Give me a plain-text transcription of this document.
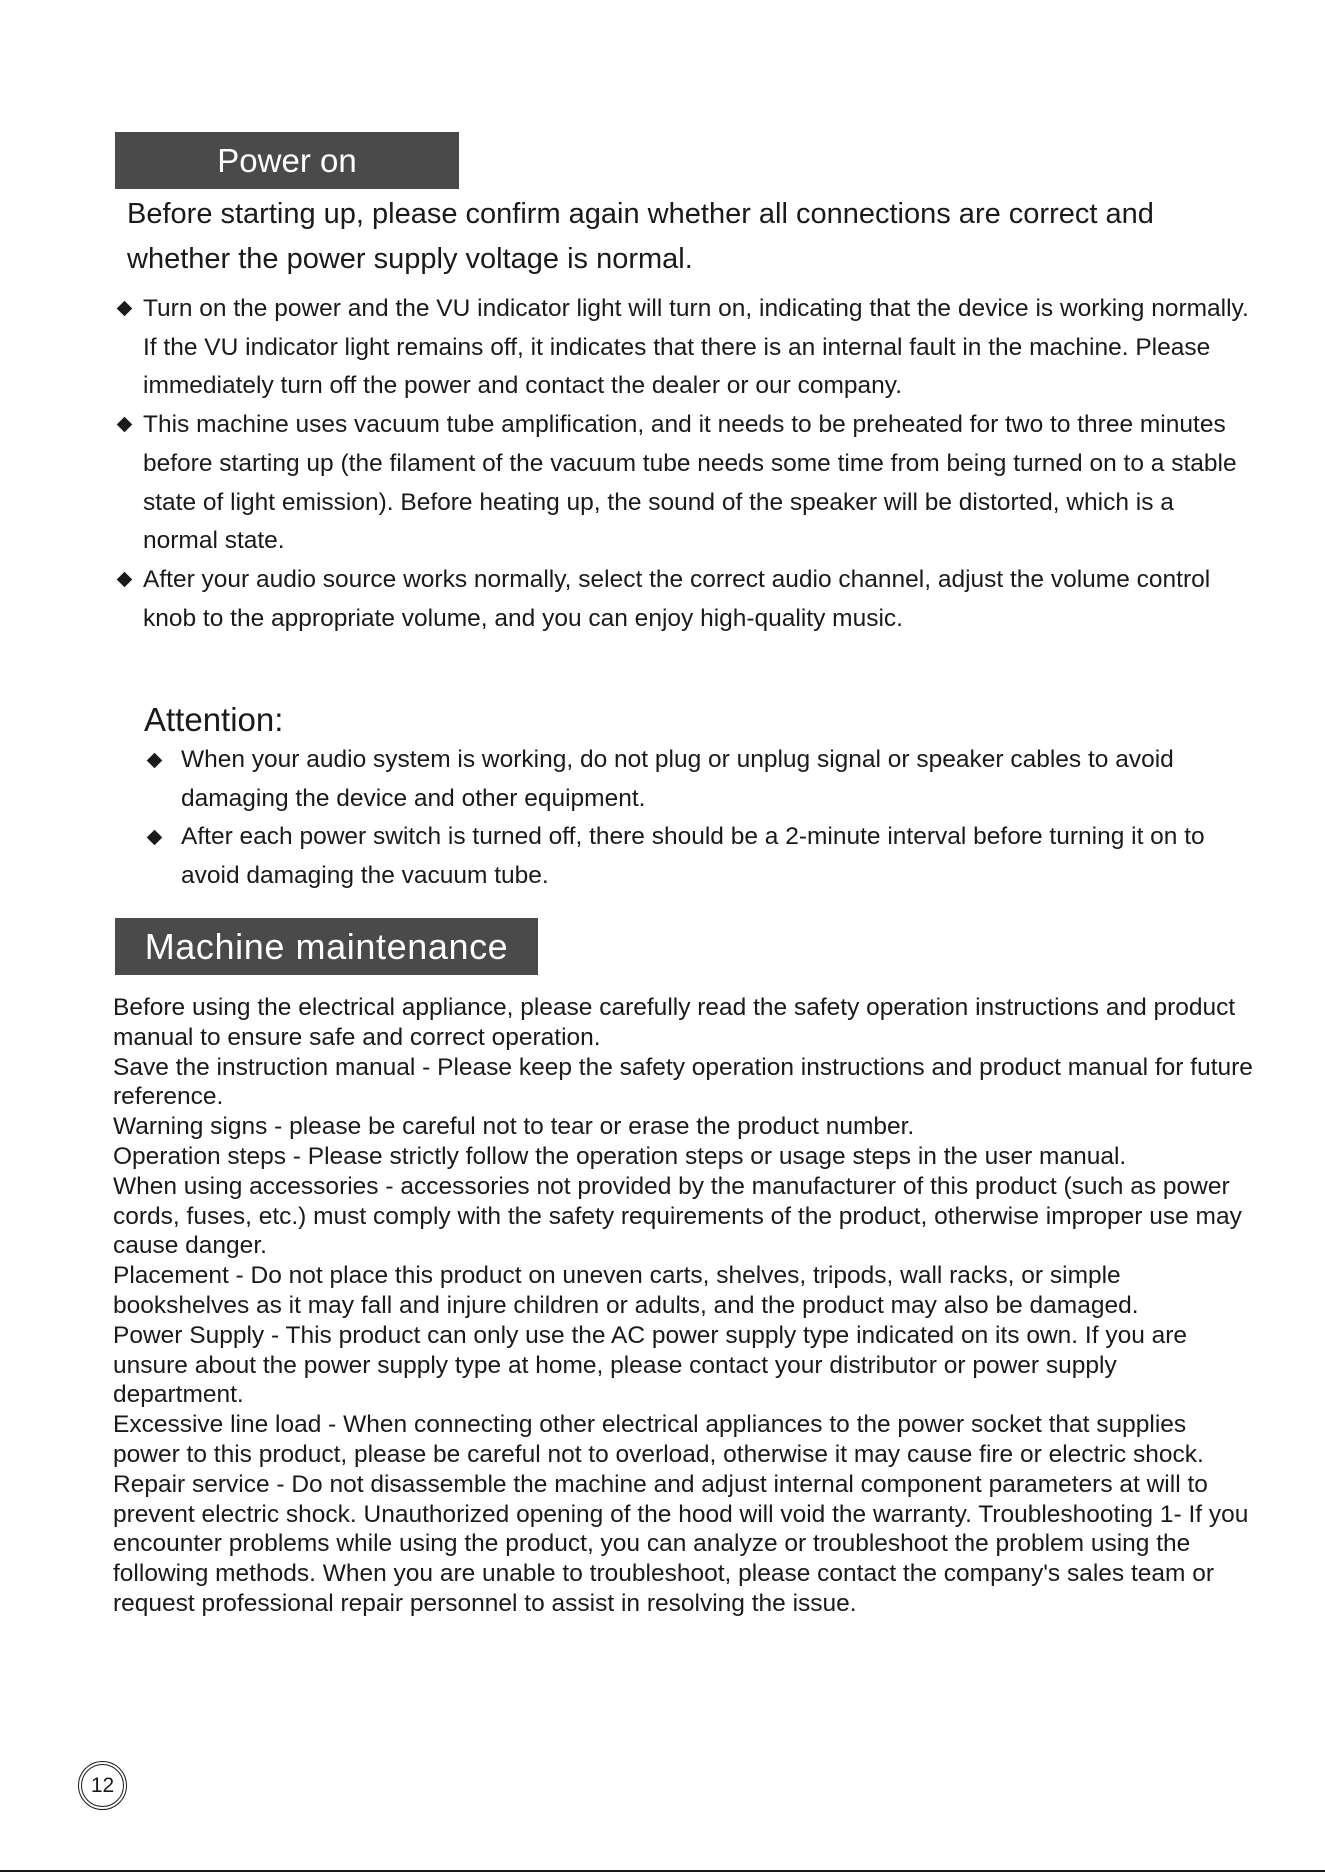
Power on
Before starting up, please confirm again whether all connections are correct and whether the power supply voltage is normal.
Turn on the power and the VU indicator light will turn on, indicating that the device is working normally. If the VU indicator light remains off, it indicates that there is an internal fault in the machine. Please immediately turn off the power and contact the dealer or our company.
This machine uses vacuum tube amplification, and it needs to be preheated for two to three minutes before starting up (the filament of the vacuum tube needs some time from being turned on to a stable state of light emission). Before heating up, the sound of the speaker will be distorted, which is a normal state.
After your audio source works normally, select the correct audio channel, adjust the volume control knob to the appropriate volume, and you can enjoy high-quality music.
Attention:
When your audio system is working, do not plug or unplug signal or speaker cables to avoid damaging the device and other equipment.
After each power switch is turned off, there should be a 2-minute interval before turning it on to avoid damaging the vacuum tube.
Machine maintenance

Before using the electrical appliance, please carefully read the safety operation instructions and product manual to ensure safe and correct operation.

Save the instruction manual - Please keep the safety operation instructions and product manual for future reference.

Warning signs - please be careful not to tear or erase the product number.

Operation steps - Please strictly follow the operation steps or usage steps in the user manual.

When using accessories - accessories not provided by the manufacturer of this product (such as power cords, fuses, etc.) must comply with the safety requirements of the product, otherwise improper use may cause danger.

Placement - Do not place this product on uneven carts, shelves, tripods, wall racks, or simple bookshelves as it may fall and injure children or adults, and the product may also be damaged.

Power Supply - This product can only use the AC power supply type indicated on its own. If you are unsure about the power supply type at home, please contact your distributor or power supply department.

Excessive line load - When connecting other electrical appliances to the power socket that supplies power to this product, please be careful not to overload, otherwise it may cause fire or electric shock.

Repair service - Do not disassemble the machine and adjust internal component parameters at will to prevent electric shock. Unauthorized opening of the hood will void the warranty. Troubleshooting 1- If you encounter problems while using the product, you can analyze or troubleshoot the problem using the following methods. When you are unable to troubleshoot, please contact the company's sales team or request professional repair personnel to assist in resolving the issue.

12
